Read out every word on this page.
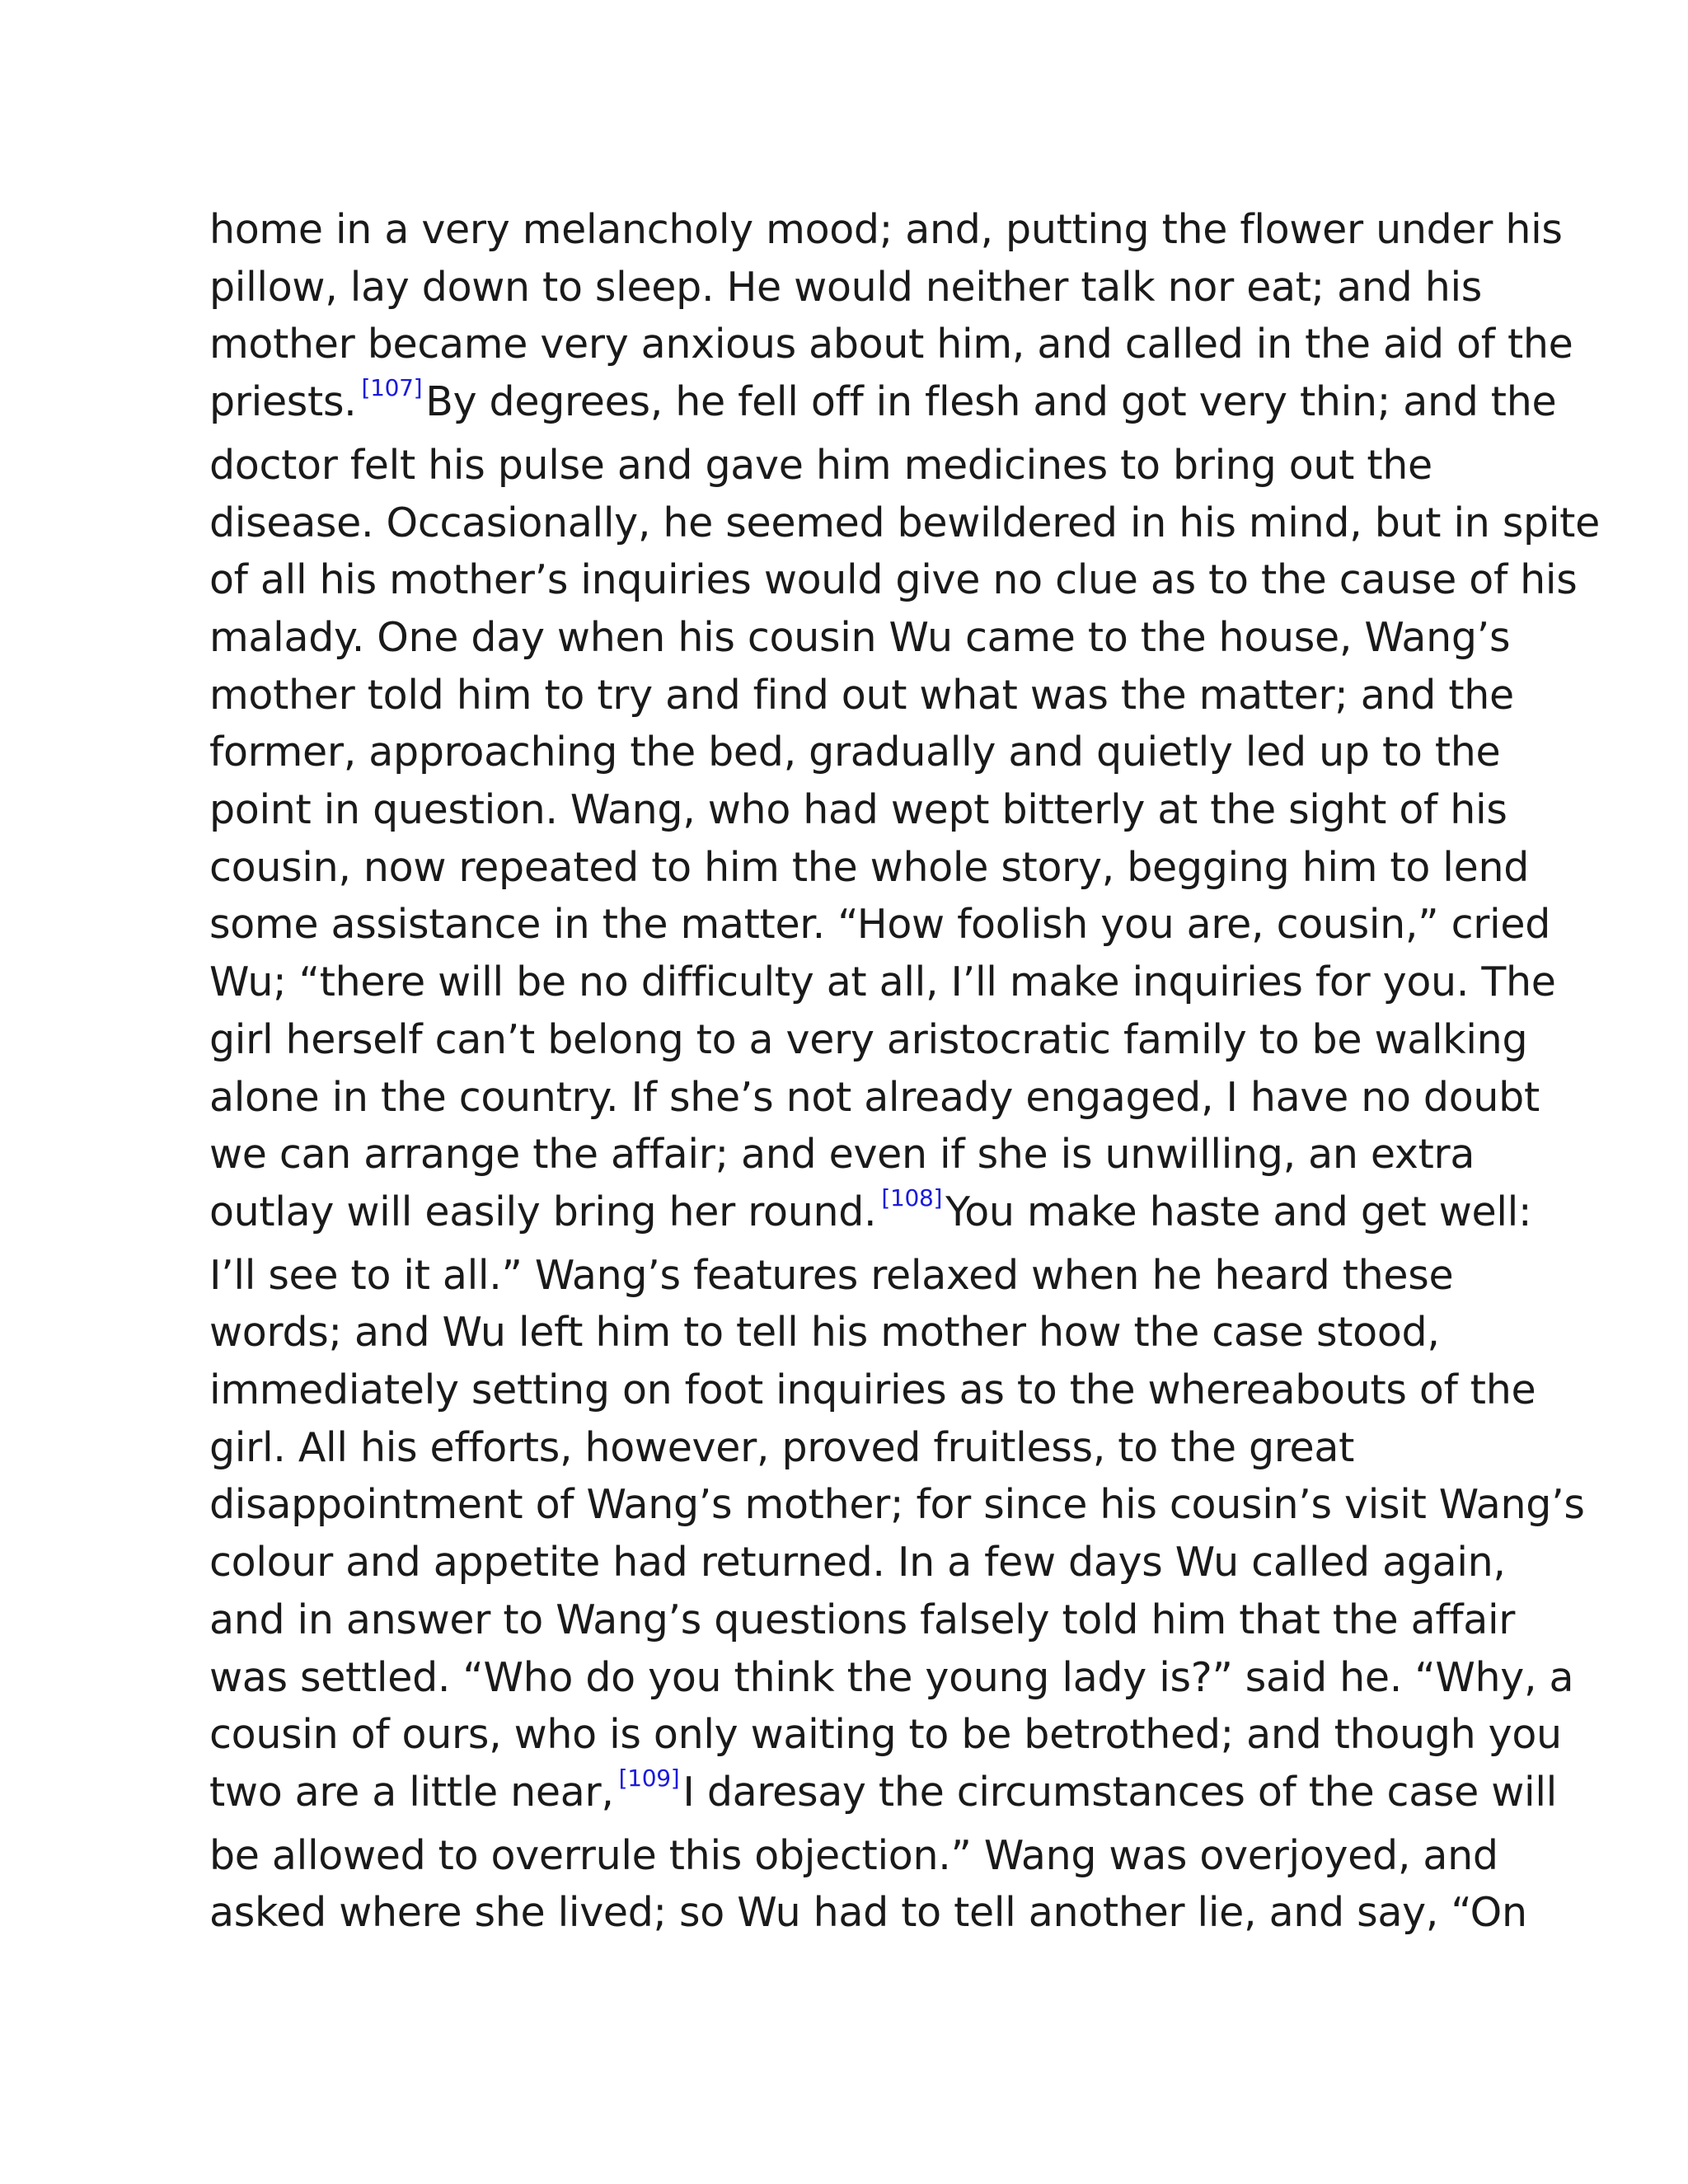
home in a very melancholy mood; and, putting the flower under his
pillow, lay down to sleep. He would neither talk nor eat; and his
mother became very anxious about him, and called in the aid of the
priests. [107]By degrees, he fell off in flesh and got very thin; and the
doctor felt his pulse and gave him medicines to bring out the
disease. Occasionally, he seemed bewildered in his mind, but in spite
of all his mother’s inquiries would give no clue as to the cause of his
malady. One day when his cousin Wu came to the house, Wang’s
mother told him to try and find out what was the matter; and the
former, approaching the bed, gradually and quietly led up to the
point in question. Wang, who had wept bitterly at the sight of his
cousin, now repeated to him the whole story, begging him to lend
some assistance in the matter. “How foolish you are, cousin,” cried
Wu; “there will be no difficulty at all, I’ll make inquiries for you. The
girl herself can’t belong to a very aristocratic family to be walking
alone in the country. If she’s not already engaged, I have no doubt
we can arrange the affair; and even if she is unwilling, an extra
outlay will easily bring her round. [108]You make haste and get well:
I’ll see to it all.” Wang’s features relaxed when he heard these
words; and Wu left him to tell his mother how the case stood,
immediately setting on foot inquiries as to the whereabouts of the
girl. All his efforts, however, proved fruitless, to the great
disappointment of Wang’s mother; for since his cousin’s visit Wang’s
colour and appetite had returned. In a few days Wu called again,
and in answer to Wang’s questions falsely told him that the affair
was settled. “Who do you think the young lady is?” said he. “Why, a
cousin of ours, who is only waiting to be betrothed; and though you
two are a little near, [109]I daresay the circumstances of the case will
be allowed to overrule this objection.” Wang was overjoyed, and
asked where she lived; so Wu had to tell another lie, and say, “On
